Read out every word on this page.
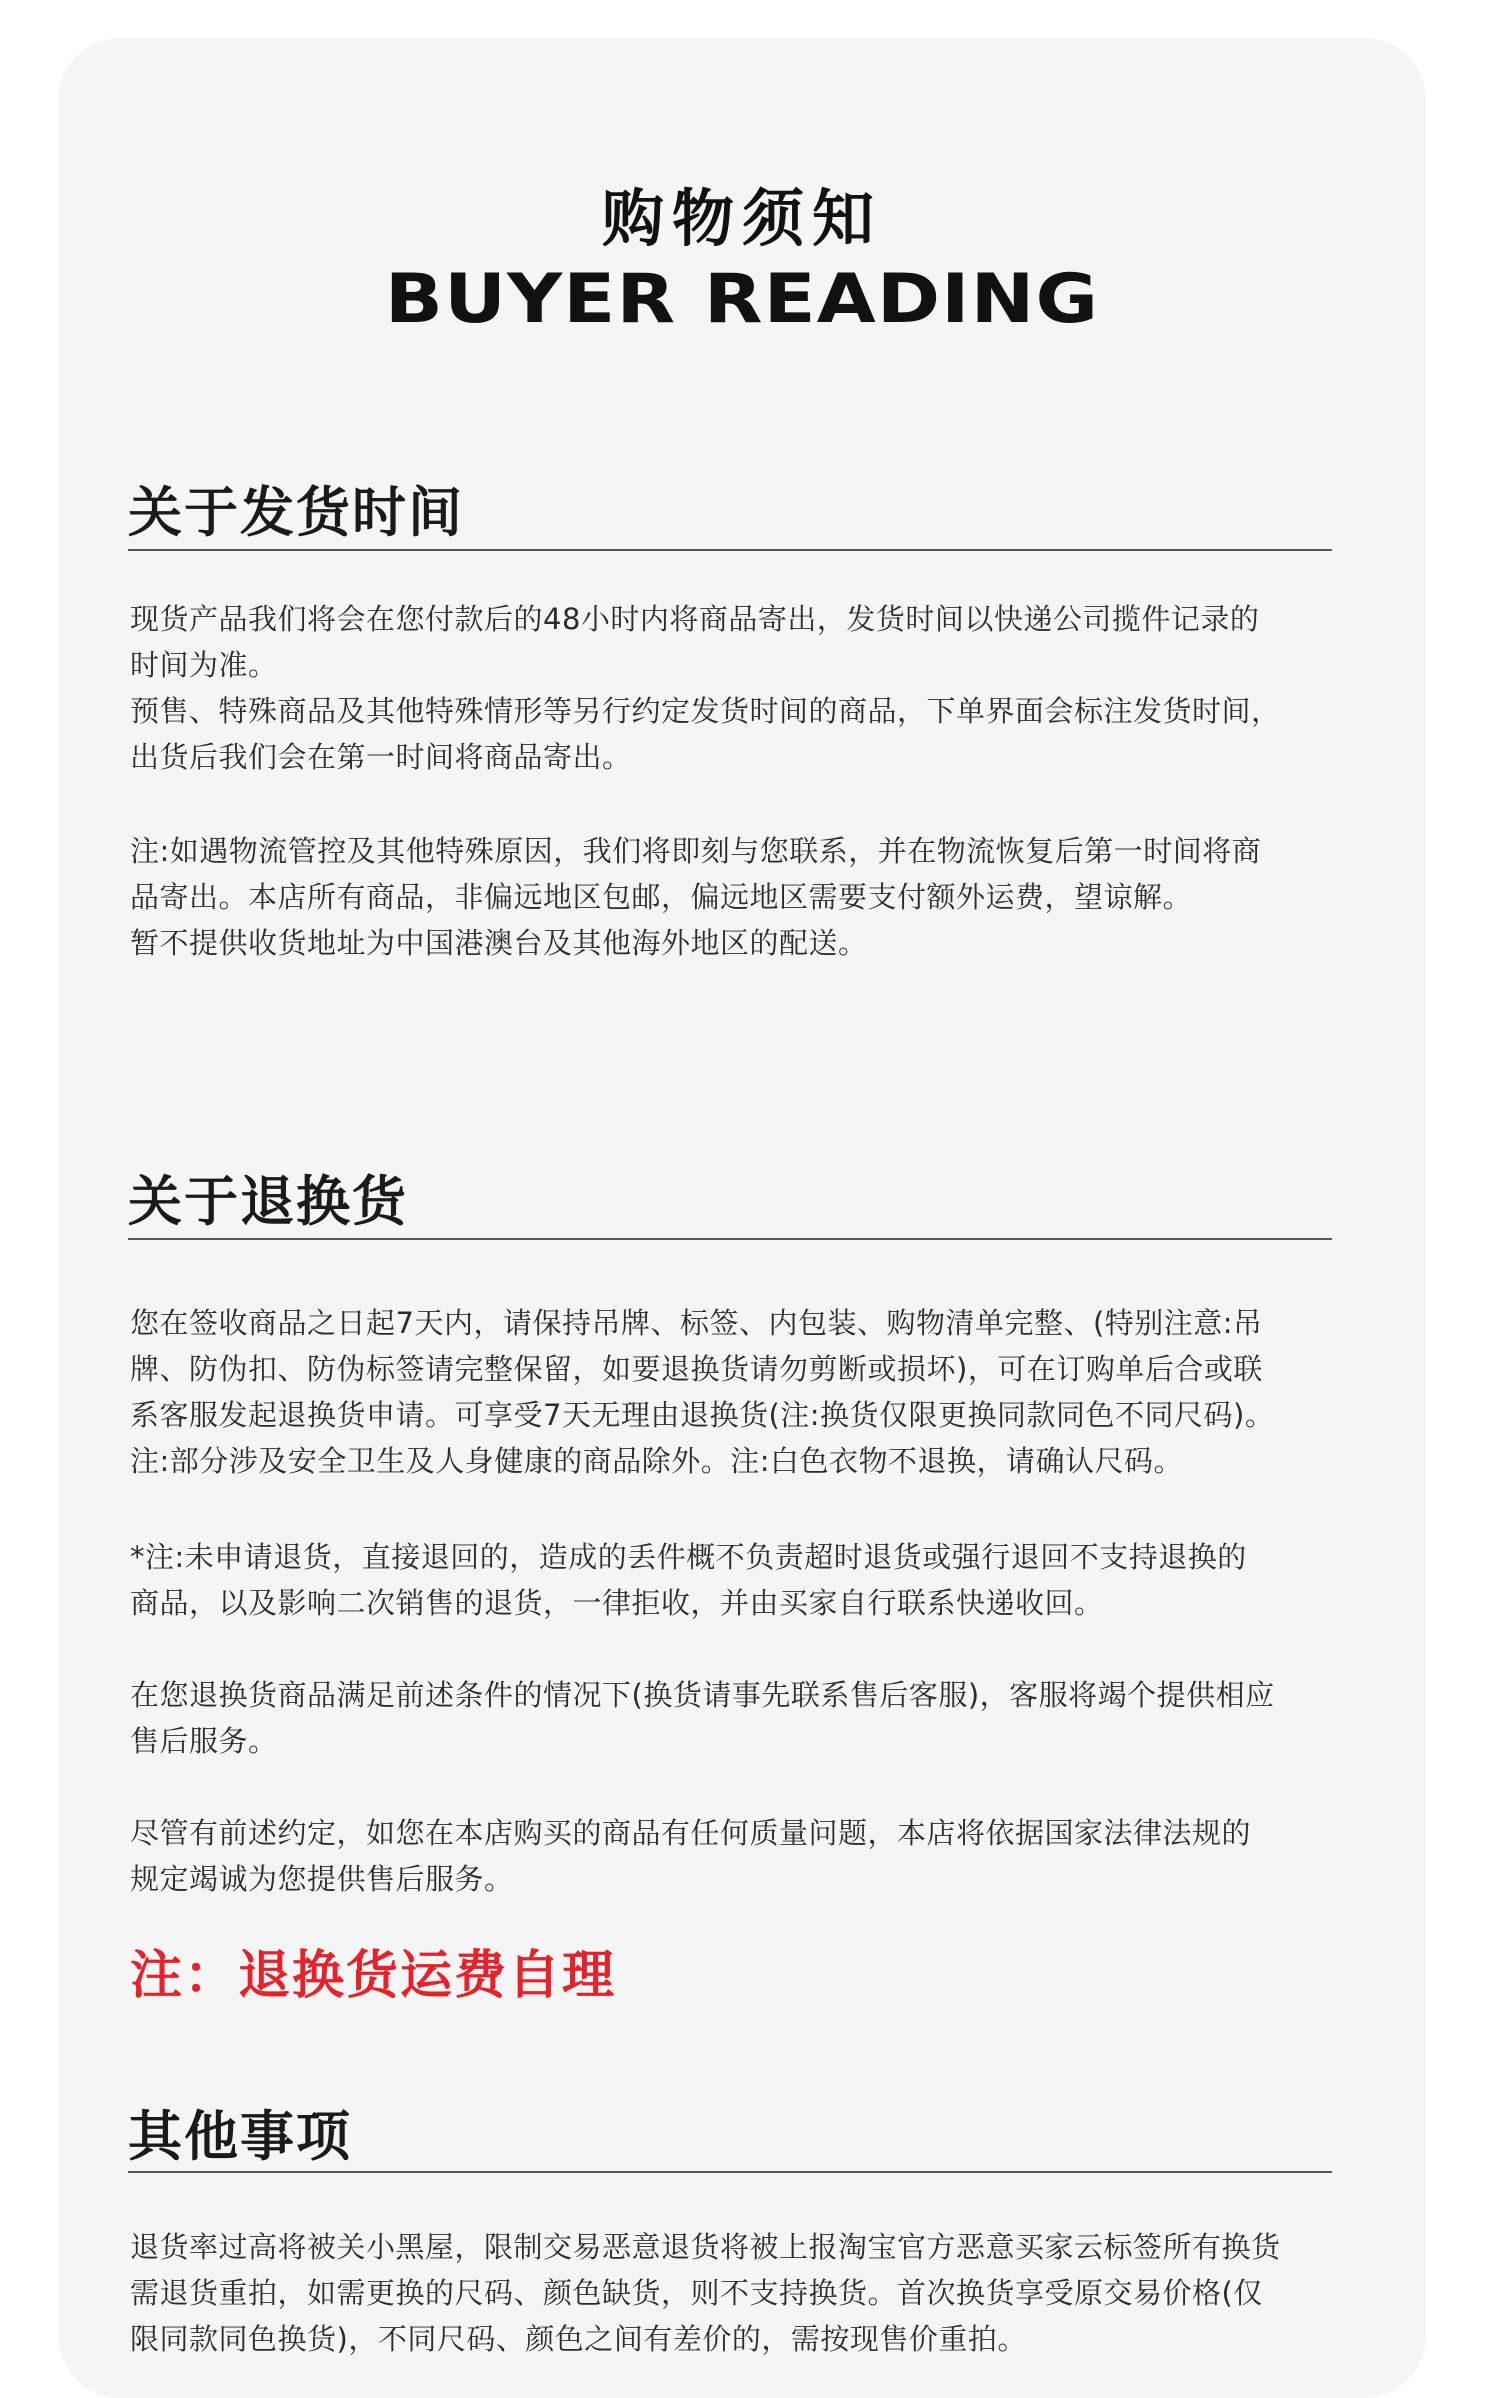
购物须知
BUYER READING
关于发货时间
现货产品我们将会在您付款后的48小时内将商品寄出，发货时间以快递公司揽件记录的
时间为准。
预售、特殊商品及其他特殊情形等另行约定发货时间的商品，下单界面会标注发货时间，
出货后我们会在第一时间将商品寄出。
注:如遇物流管控及其他特殊原因，我们将即刻与您联系，并在物流恢复后第一时间将商
品寄出。本店所有商品，非偏远地区包邮，偏远地区需要支付额外运费，望谅解。
暂不提供收货地址为中国港澳台及其他海外地区的配送。
关于退换货
您在签收商品之日起7天内，请保持吊牌、标签、内包装、购物清单完整、(特别注意:吊
牌、防伪扣、防伪标签请完整保留，如要退换货请勿剪断或损坏)，可在订购单后合或联
系客服发起退换货申请。可享受7天无理由退换货(注:换货仅限更换同款同色不同尺码)。
注:部分涉及安全卫生及人身健康的商品除外。注:白色衣物不退换，请确认尺码。
*注:未申请退货，直接退回的，造成的丢件概不负责超时退货或强行退回不支持退换的
商品，以及影响二次销售的退货，一律拒收，并由买家自行联系快递收回。
在您退换货商品满足前述条件的情况下(换货请事先联系售后客服)，客服将竭个提供相应
售后服务。
尽管有前述约定，如您在本店购买的商品有任何质量问题，本店将依据国家法律法规的
规定竭诚为您提供售后服务。
注：退换货运费自理
其他事项
退货率过高将被关小黑屋，限制交易恶意退货将被上报淘宝官方恶意买家云标签所有换货
需退货重拍，如需更换的尺码、颜色缺货，则不支持换货。首次换货享受原交易价格(仅
限同款同色换货)，不同尺码、颜色之间有差价的，需按现售价重拍。
